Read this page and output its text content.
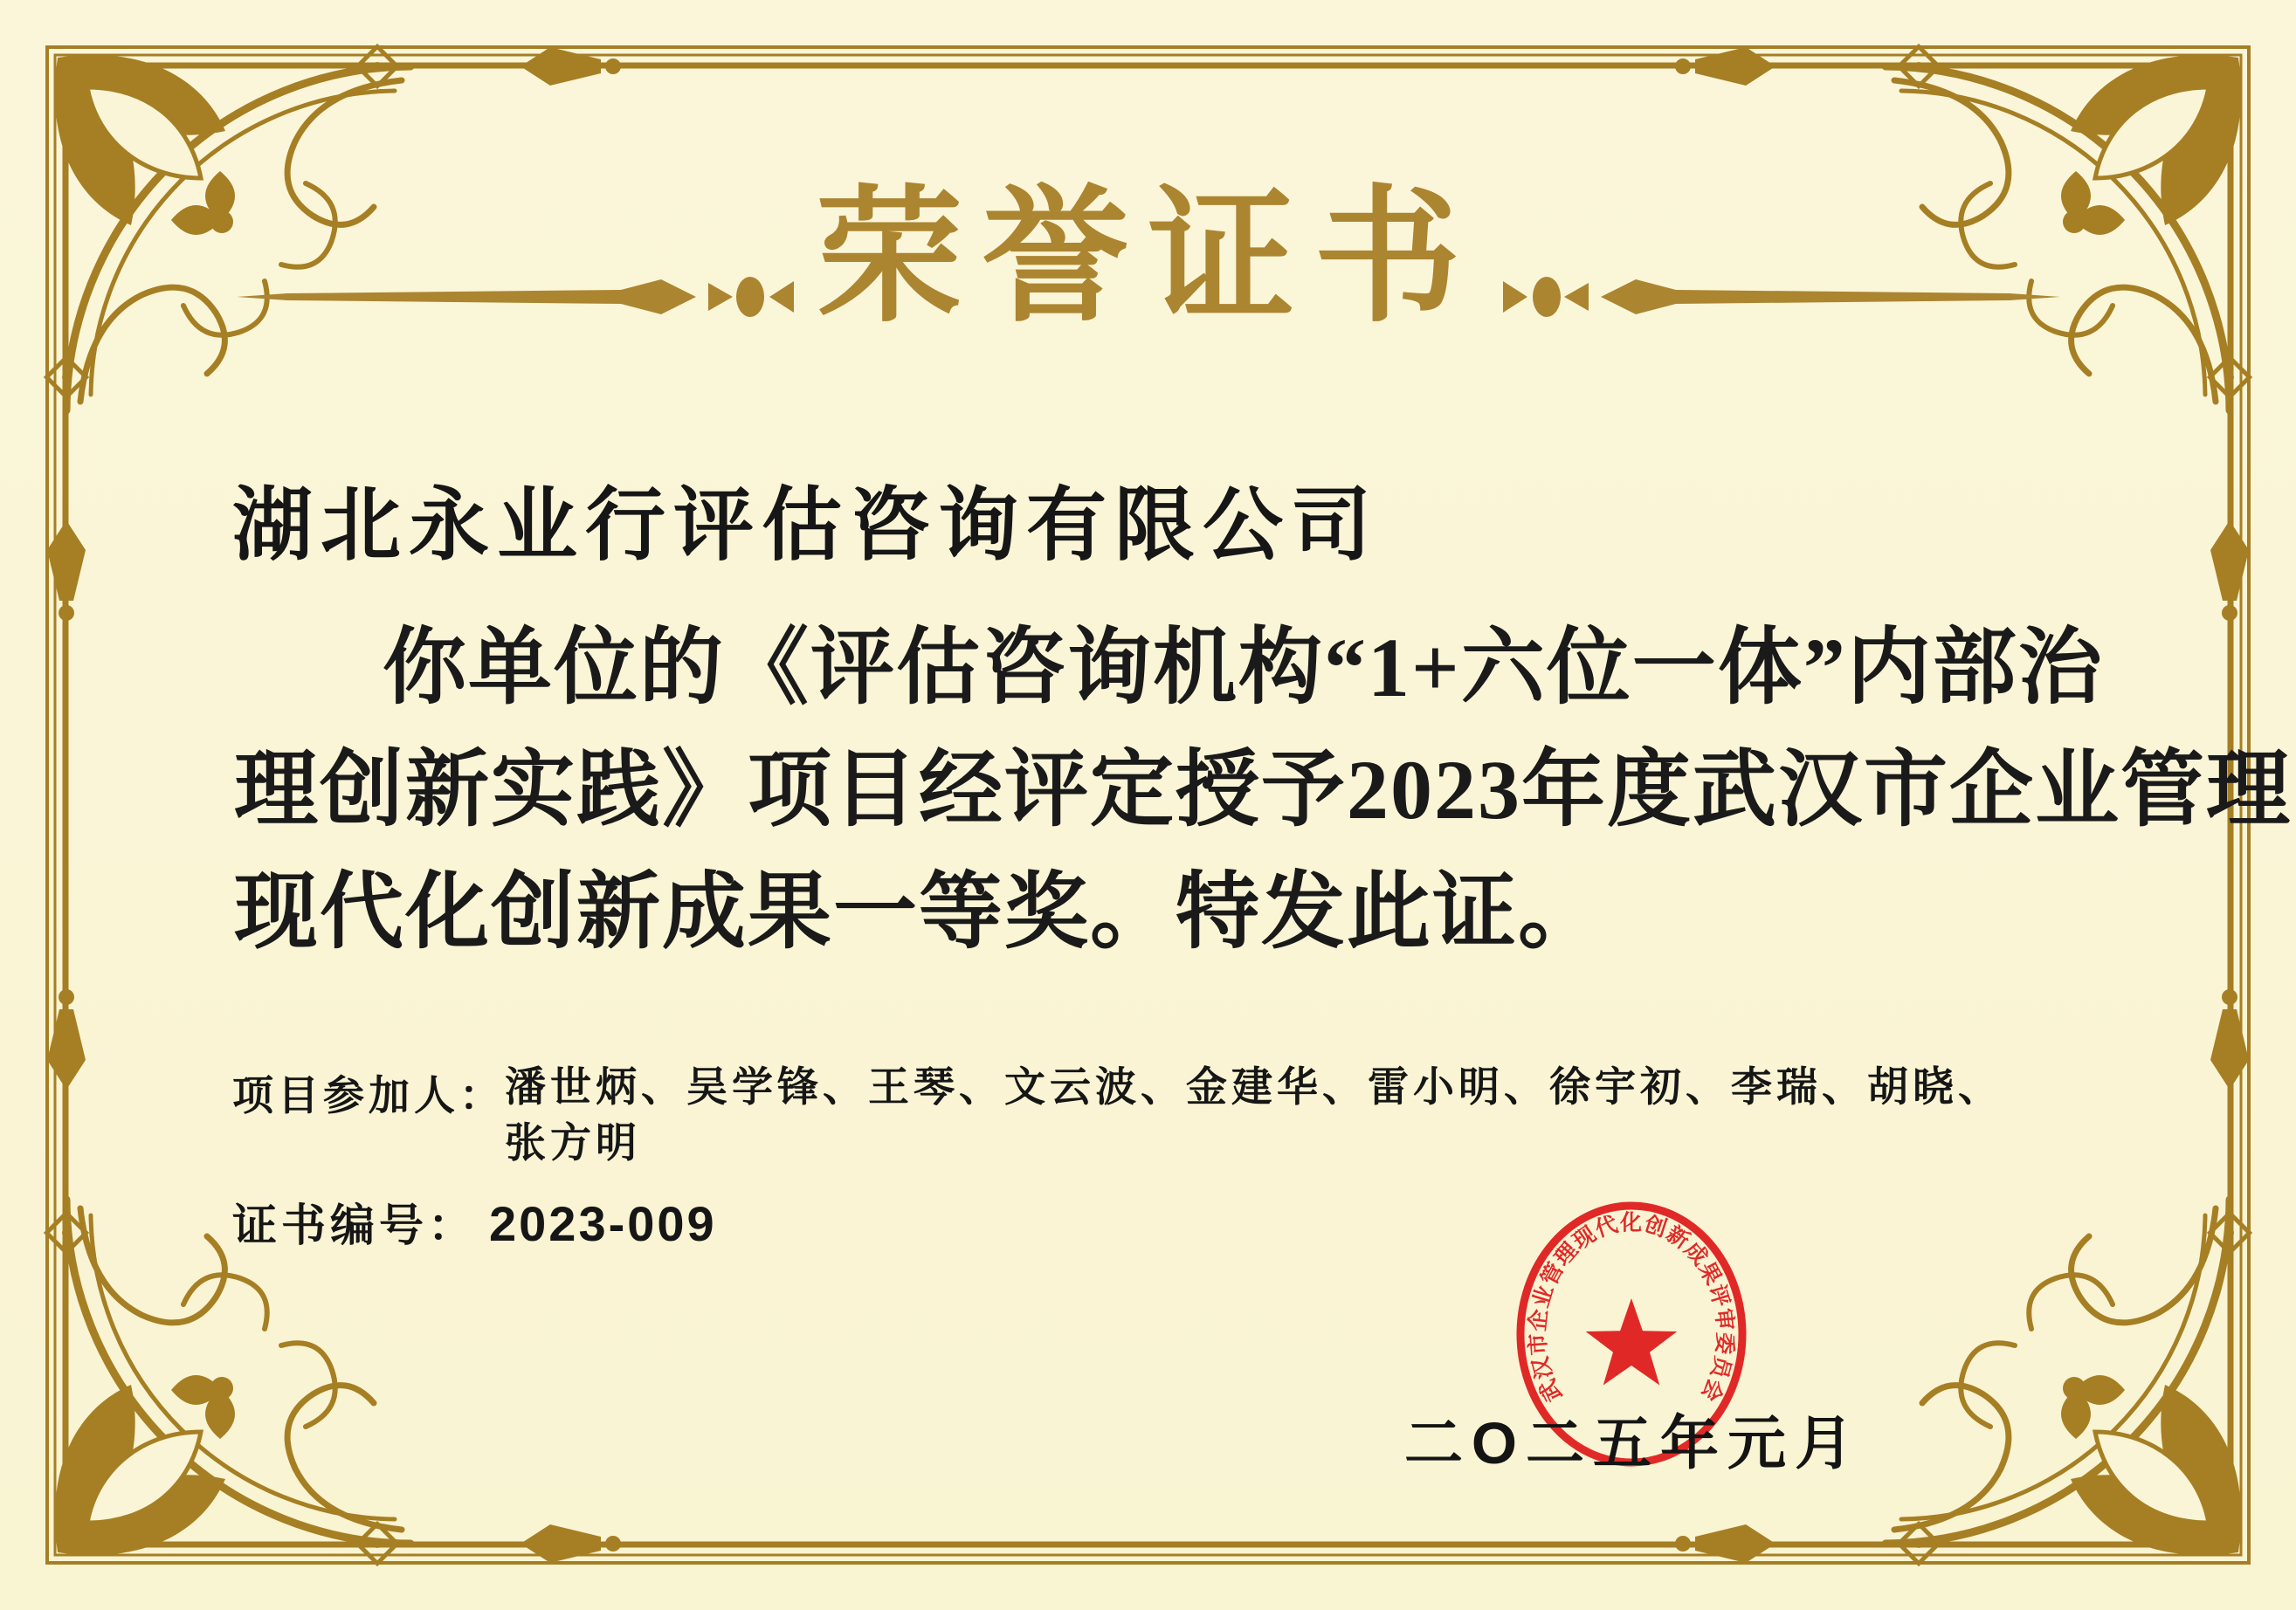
荣誉证书
湖北永业行评估咨询有限公司
你单位的《评估咨询机构“1+六位一体”内部治
理创新实践》项目经评定授予2023年度武汉市企业管理
现代化创新成果一等奖。特发此证。
项目参加人： 潘世炳、吴学锋、王琴、文云波、金建华、雷小明、徐宇初、李瑞、胡晓、
张方明
证书编号： 2023-009
武汉市企业管理现代化创新成果评审委员会
二O二五年元月
